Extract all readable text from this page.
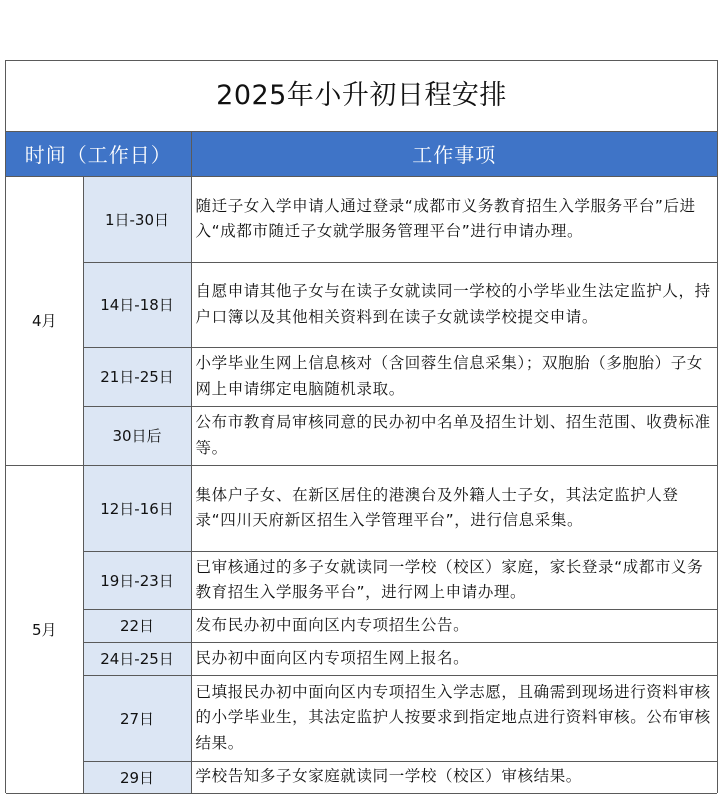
2025年小升初日程安排
时间（工作日）		工作事项
4月	1日-30日	随迁子女入学申请人通过登录“成都市义务教育招生入学服务平台”后进入“成都市随迁子女就学服务管理平台”进行申请办理。
	14日-18日	自愿申请其他子女与在读子女就读同一学校的小学毕业生法定监护人，持户口簿以及其他相关资料到在读子女就读学校提交申请。
	21日-25日	小学毕业生网上信息核对（含回蓉生信息采集）；双胞胎（多胞胎）子女网上申请绑定电脑随机录取。
	30日后	公布市教育局审核同意的民办初中名单及招生计划、招生范围、收费标准等。
5月	12日-16日	集体户子女、在新区居住的港澳台及外籍人士子女，其法定监护人登录“四川天府新区招生入学管理平台”，进行信息采集。
	19日-23日	已审核通过的多子女就读同一学校（校区）家庭，家长登录“成都市义务教育招生入学服务平台”，进行网上申请办理。
	22日	发布民办初中面向区内专项招生公告。
	24日-25日	民办初中面向区内专项招生网上报名。
	27日	已填报民办初中面向区内专项招生入学志愿，且确需到现场进行资料审核的小学毕业生，其法定监护人按要求到指定地点进行资料审核。公布审核结果。
	29日	学校告知多子女家庭就读同一学校（校区）审核结果。
